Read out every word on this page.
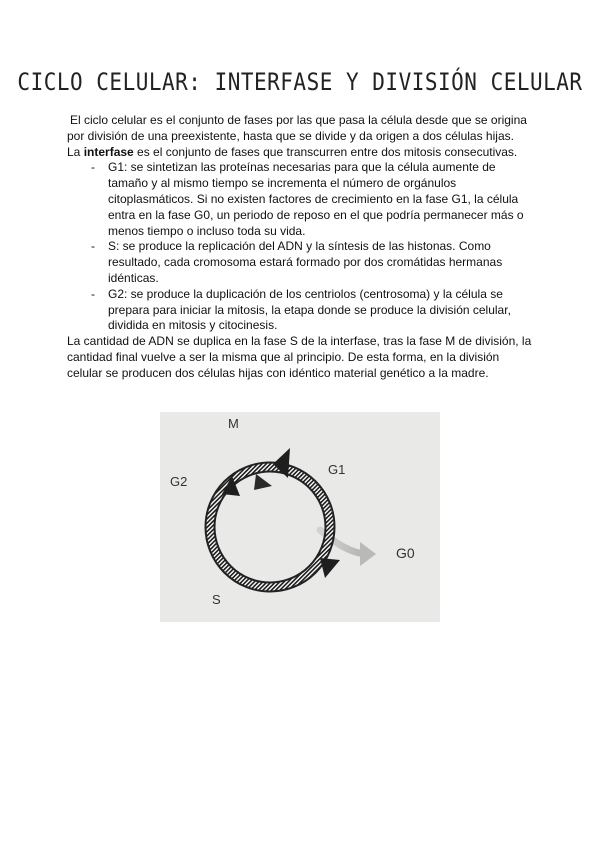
CICLO CELULAR: INTERFASE Y DIVISIÓN CELULAR

El ciclo celular es el conjunto de fases por las que pasa la célula desde que se origina por división de una preexistente, hasta que se divide y da origen a dos células hijas.

La interfase es el conjunto de fases que transcurren entre dos mitosis consecutivas.

- G1: se sintetizan las proteínas necesarias para que la célula aumente de tamaño y al mismo tiempo se incrementa el número de orgánulos citoplasmáticos. Si no existen factores de crecimiento en la fase G1, la célula entra en la fase G0, un periodo de reposo en el que podría permanecer más o menos tiempo o incluso toda su vida.
- S: se produce la replicación del ADN y la síntesis de las histonas. Como resultado, cada cromosoma estará formado por dos cromátidas hermanas idénticas.
- G2: se produce la duplicación de los centriolos (centrosoma) y la célula se prepara para iniciar la mitosis, la etapa donde se produce la división celular, dividida en mitosis y citocinesis.

La cantidad de ADN se duplica en la fase S de la interfase, tras la fase M de división, la cantidad final vuelve a ser la misma que al principio. De esta forma, en la división celular se producen dos células hijas con idéntico material genético a la madre.

M
G1
G2
S
G0
